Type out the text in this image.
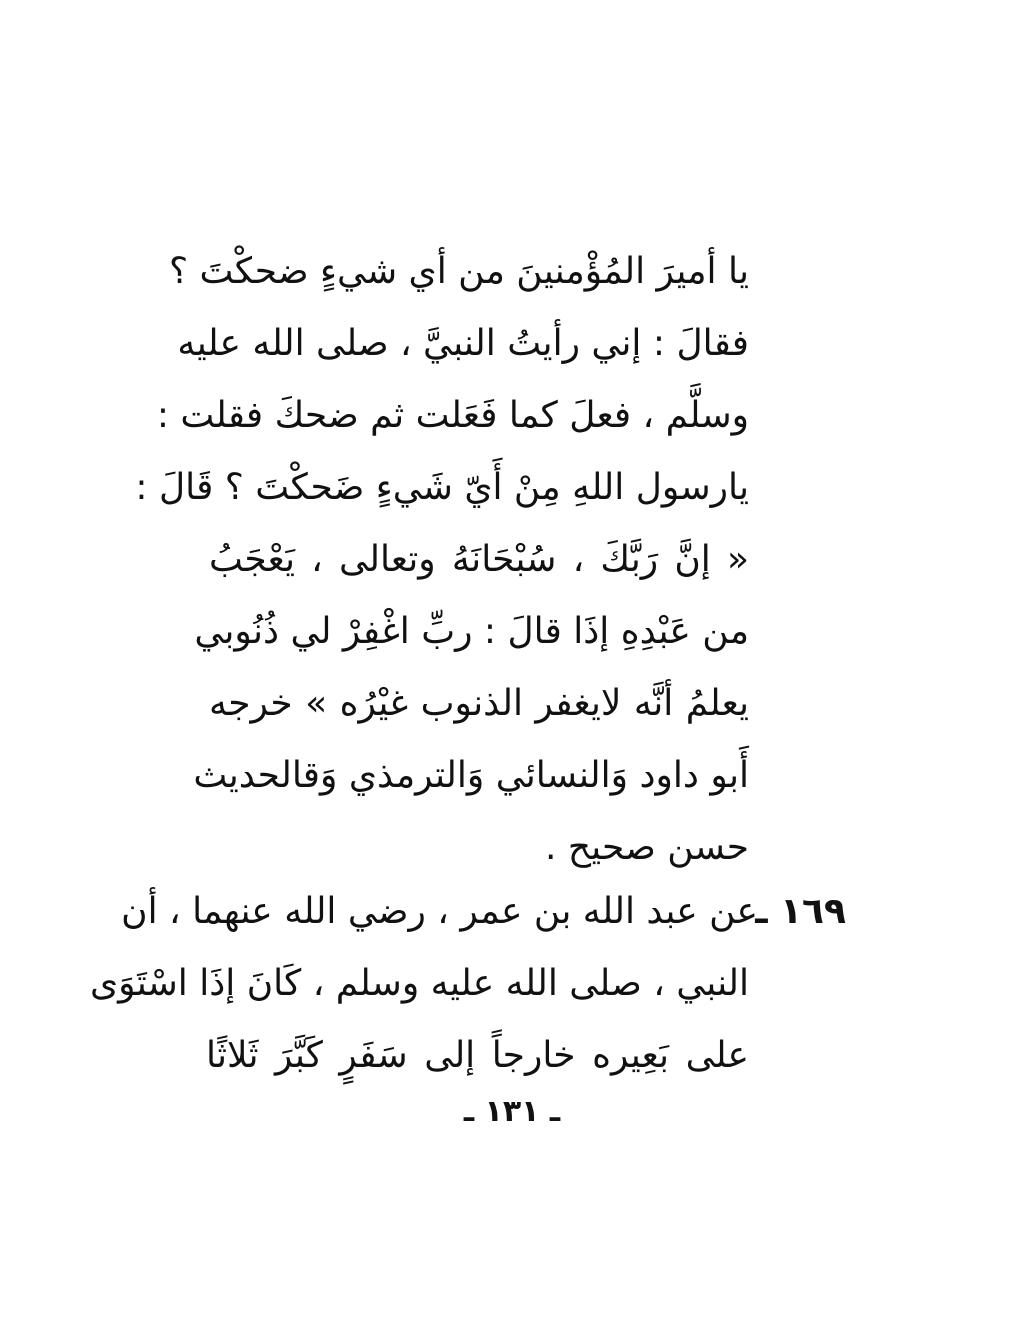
يا أميرَ المُؤْمنينَ من أي شيءٍ ضحكْتَ ؟
فقالَ : إني رأيتُ النبيَّ ، صلى الله عليه
وسلَّم ، فعلَ كما فَعَلت ثم ضحكَ فقلت :
يارسول اللهِ مِنْ أَيّ شَيءٍ ضَحكْتَ ؟ قَالَ :
« إنَّ رَبَّكَ ، سُبْحَانَهُ وتعالى ، يَعْجَبُ
من عَبْدِهِ إذَا قالَ : ربِّ اغْفِرْ لي ذُنُوبي
يعلمُ أنَّه لايغفر الذنوب غيْرُه » خرجه
أَبو داود وَالنسائي وَالترمذي وَقالحديث
حسن صحيح .
١٦٩ ـ
عن عبد الله بن عمر ، رضي الله عنهما ، أن
النبي ، صلى الله عليه وسلم ، كَانَ إذَا اسْتَوَى
على بَعِيره خارجاً إلى سَفَرٍ كَبَّرَ ثَلاثًا
ـ ١٣١ ـ
